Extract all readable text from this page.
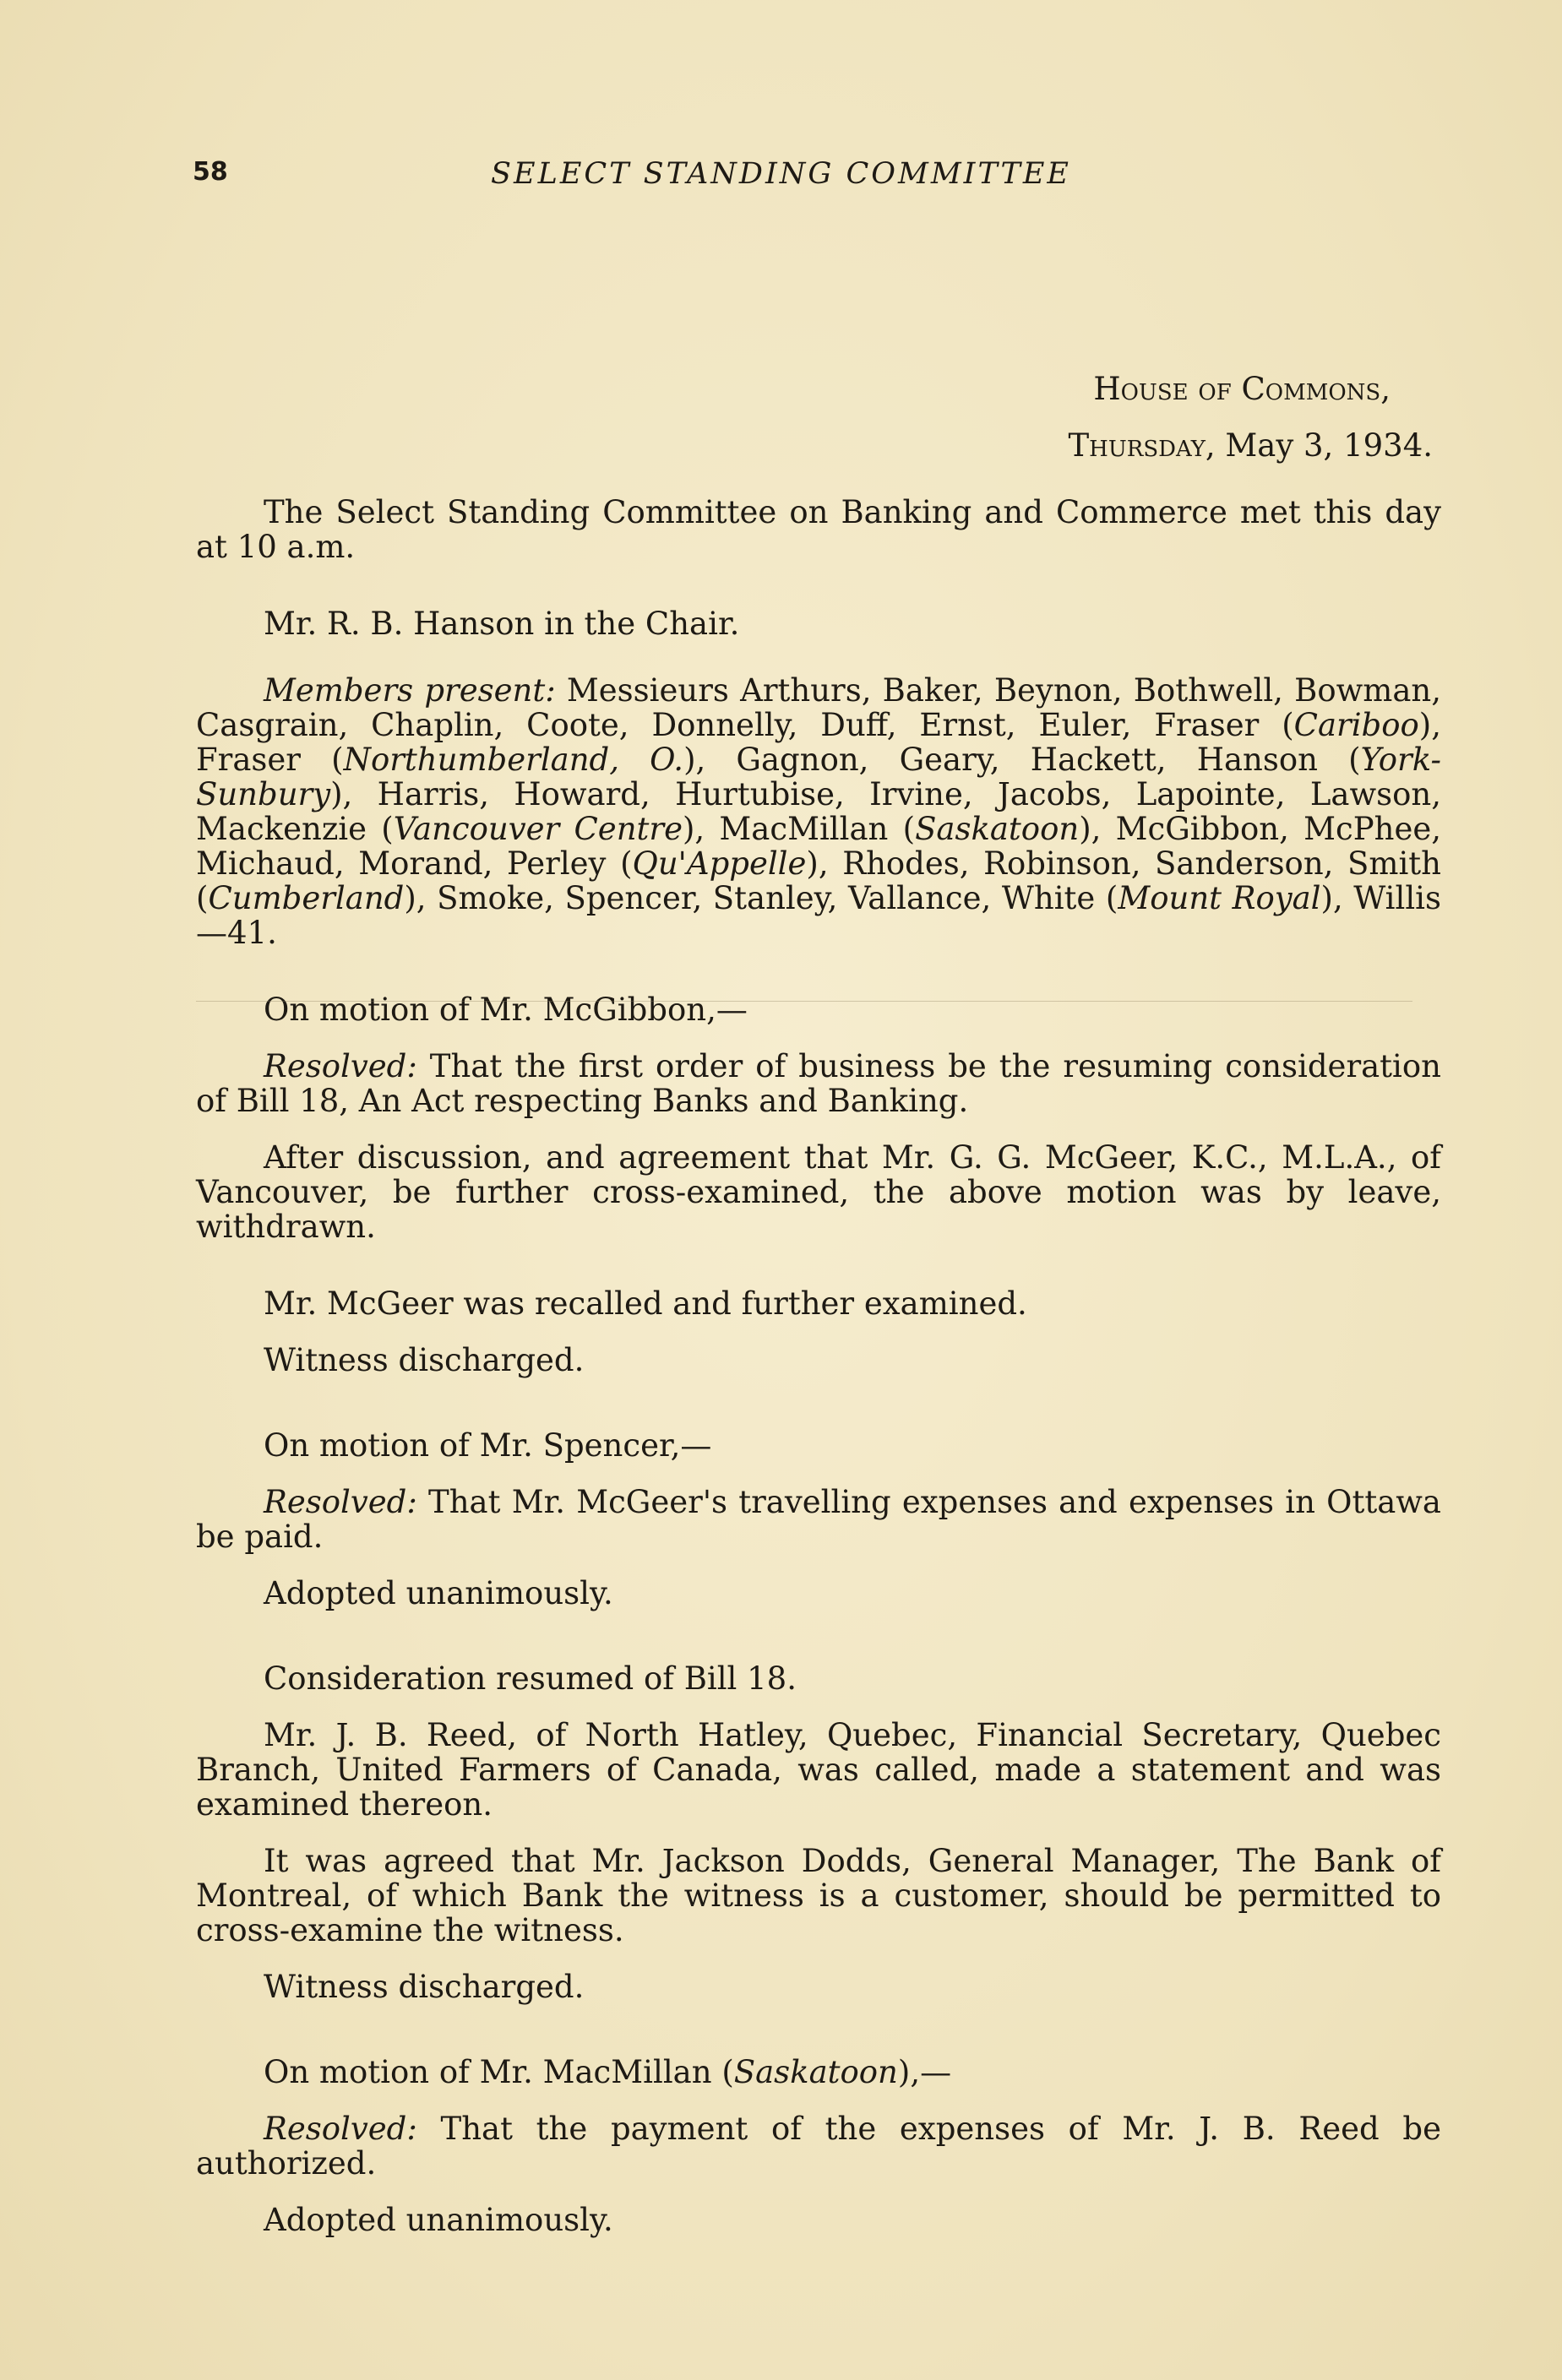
58	SELECT STANDING COMMITTEE

House of Commons,

Thursday, May 3, 1934.

The Select Standing Committee on Banking and Commerce met this day at 10 a.m.

Mr. R. B. Hanson in the Chair.

Members present: Messieurs Arthurs, Baker, Beynon, Bothwell, Bowman, Casgrain, Chaplin, Coote, Donnelly, Duff, Ernst, Euler, Fraser (Cariboo), Fraser (Northumberland, O.), Gagnon, Geary, Hackett, Hanson (York-Sunbury), Harris, Howard, Hurtubise, Irvine, Jacobs, Lapointe, Lawson, Mackenzie (Vancouver Centre), MacMillan (Saskatoon), McGibbon, McPhee, Michaud, Morand, Perley (Qu'Appelle), Rhodes, Robinson, Sanderson, Smith (Cumberland), Smoke, Spencer, Stanley, Vallance, White (Mount Royal), Willis—41.

On motion of Mr. McGibbon,—

Resolved: That the first order of business be the resuming consideration of Bill 18, An Act respecting Banks and Banking.

After discussion, and agreement that Mr. G. G. McGeer, K.C., M.L.A., of Vancouver, be further cross-examined, the above motion was by leave, withdrawn.

Mr. McGeer was recalled and further examined.

Witness discharged.

On motion of Mr. Spencer,—

Resolved: That Mr. McGeer's travelling expenses and expenses in Ottawa be paid.

Adopted unanimously.

Consideration resumed of Bill 18.

Mr. J. B. Reed, of North Hatley, Quebec, Financial Secretary, Quebec Branch, United Farmers of Canada, was called, made a statement and was examined thereon.

It was agreed that Mr. Jackson Dodds, General Manager, The Bank of Montreal, of which Bank the witness is a customer, should be permitted to cross-examine the witness.

Witness discharged.

On motion of Mr. MacMillan (Saskatoon),—

Resolved: That the payment of the expenses of Mr. J. B. Reed be authorized.

Adopted unanimously.
